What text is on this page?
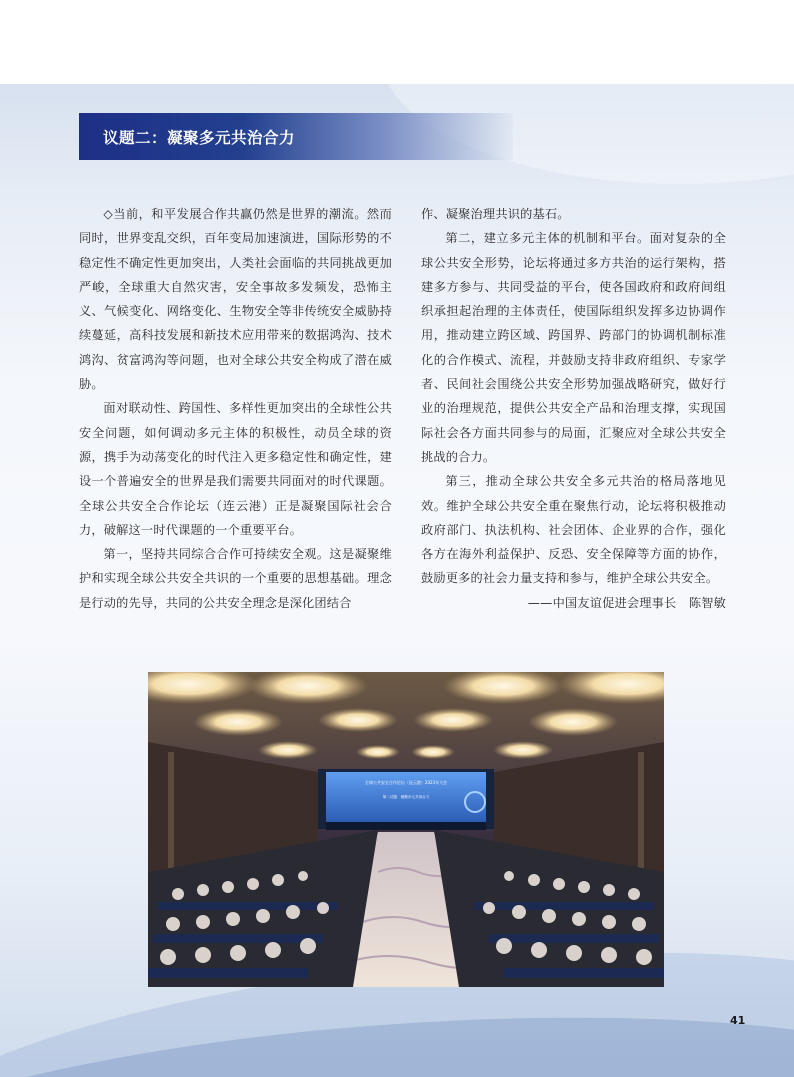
议题二：凝聚多元共治合力

◇当前，和平发展合作共赢仍然是世界的潮流。然而同时，世界变乱交织，百年变局加速演进，国际形势的不稳定性不确定性更加突出，人类社会面临的共同挑战更加严峻，全球重大自然灾害，安全事故多发频发，恐怖主义、气候变化、网络变化、生物安全等非传统安全威胁持续蔓延，高科技发展和新技术应用带来的数据鸿沟、技术鸿沟、贫富鸿沟等问题，也对全球公共安全构成了潜在威胁。

面对联动性、跨国性、多样性更加突出的全球性公共安全问题，如何调动多元主体的积极性，动员全球的资源，携手为动荡变化的时代注入更多稳定性和确定性，建设一个普遍安全的世界是我们需要共同面对的时代课题。全球公共安全合作论坛（连云港）正是凝聚国际社会合力，破解这一时代课题的一个重要平台。

第一，坚持共同综合合作可持续安全观。这是凝聚维护和实现全球公共安全共识的一个重要的思想基础。理念是行动的先导，共同的公共安全理念是深化团结合

作、凝聚治理共识的基石。

第二，建立多元主体的机制和平台。面对复杂的全球公共安全形势，论坛将通过多方共治的运行架构，搭建多方参与、共同受益的平台，使各国政府和政府间组织承担起治理的主体责任，使国际组织发挥多边协调作用，推动建立跨区域、跨国界、跨部门的协调机制标准化的合作模式、流程，并鼓励支持非政府组织、专家学者、民间社会围绕公共安全形势加强战略研究，做好行业的治理规范，提供公共安全产品和治理支撑，实现国际社会各方面共同参与的局面，汇聚应对全球公共安全挑战的合力。

第三，推动全球公共安全多元共治的格局落地见效。维护全球公共安全重在聚焦行动，论坛将积极推动政府部门、执法机构、社会团体、企业界的合作，强化各方在海外利益保护、反恐、安全保障等方面的协作，鼓励更多的社会力量支持和参与，维护全球公共安全。

——中国友谊促进会理事长　陈智敏

全球公共安全合作论坛（连云港）2023年大会
第二议题：凝聚多元共治合力
41
